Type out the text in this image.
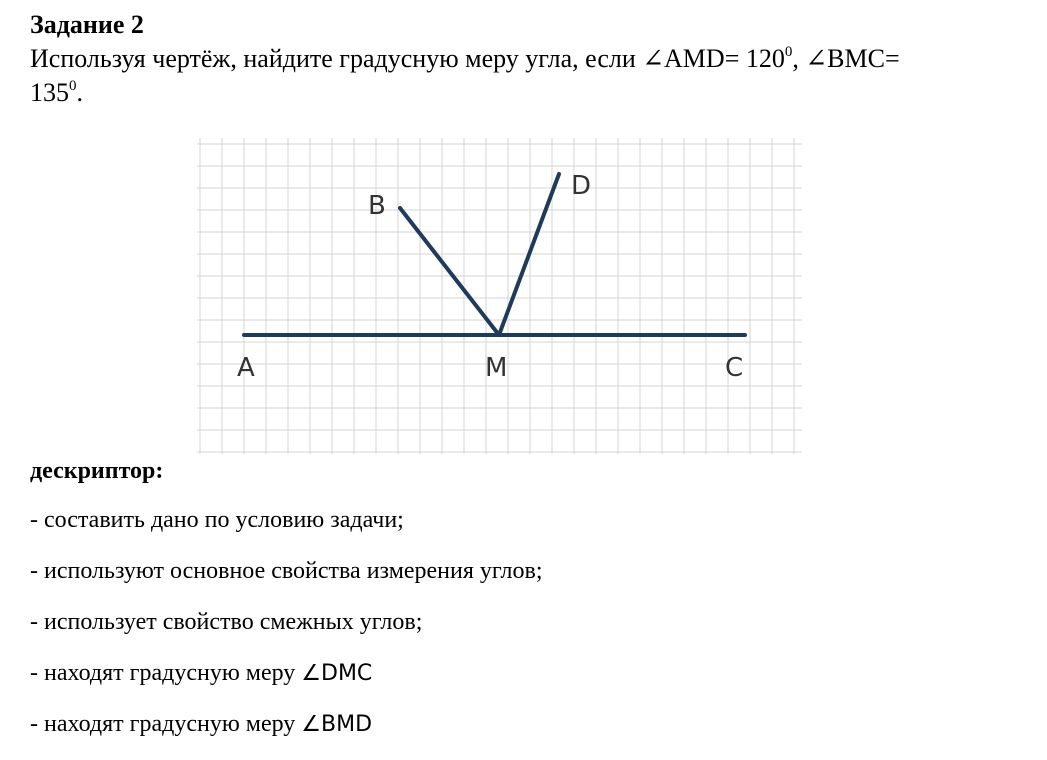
Задание 2
Используя чертёж, найдите градусную меру угла, если ∠AMD= $120^0$, ∠BMC=
$135^0$.
A	M	C
B
D
дескриптор:
- составить дано по условию задачи;
- используют основное свойства измерения углов;
- использует свойство смежных углов;
- находят градусную меру ∠DMC
- находят градусную меру ∠BMD
